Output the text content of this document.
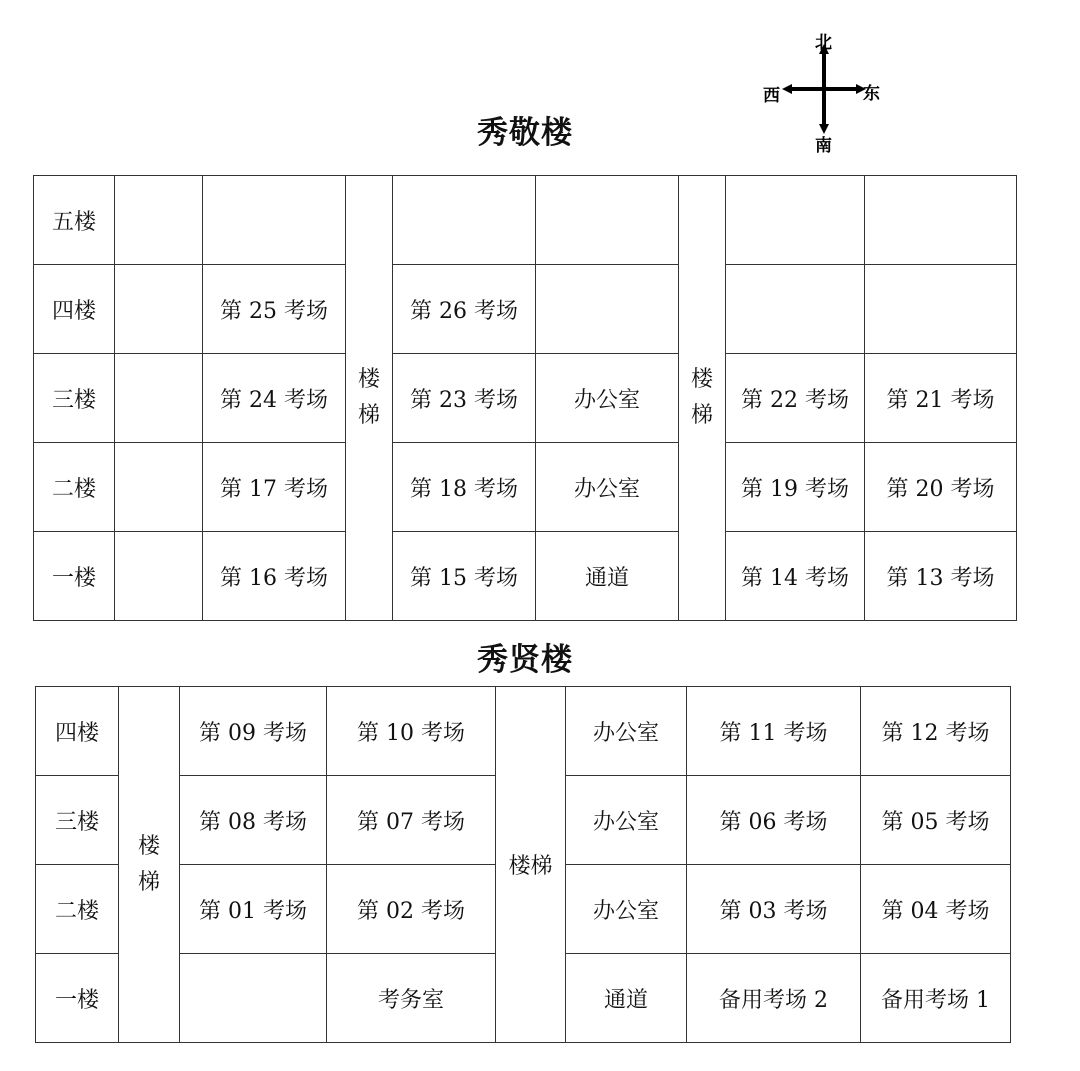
北
南
东
西
秀敬楼
五楼			楼梯			楼梯		
四楼		第 25 考场		第 26 考场				
三楼		第 24 考场		第 23 考场	办公室		第 22 考场	第 21 考场
二楼		第 17 考场		第 18 考场	办公室		第 19 考场	第 20 考场
一楼		第 16 考场		第 15 考场	通道		第 14 考场	第 13 考场
秀贤楼
四楼	楼梯	第 09 考场	第 10 考场	楼梯	办公室	第 11 考场	第 12 考场
三楼		第 08 考场	第 07 考场		办公室	第 06 考场	第 05 考场
二楼		第 01 考场	第 02 考场		办公室	第 03 考场	第 04 考场
一楼			考务室		通道	备用考场 2	备用考场 1
